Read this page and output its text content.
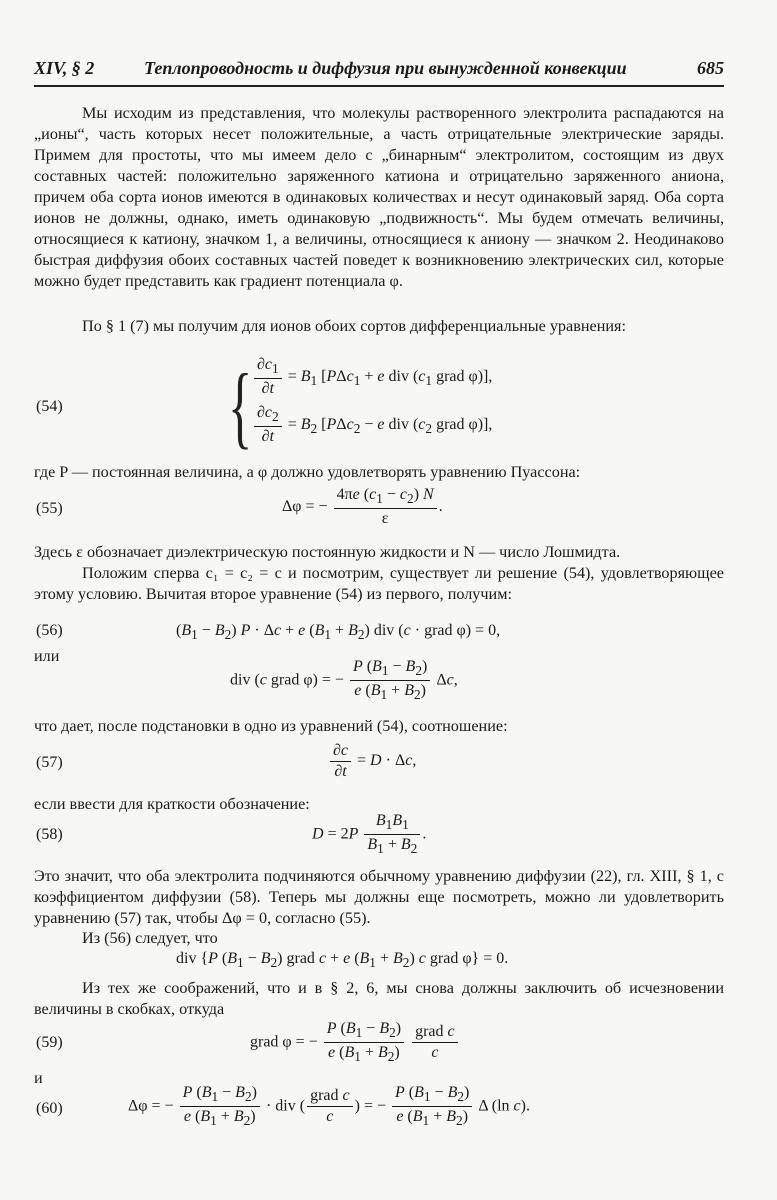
XIV, § 2	Теплопроводность и диффузия при вынужденной конвекции	685
Мы исходим из представления, что молекулы растворенного электролита распадаются на „ионы“, часть которых несет положительные, а часть отрицательные электрические заряды. Примем для простоты, что мы имеем дело с „бинарным“ электролитом, состоящим из двух составных частей: положительно заряженного катиона и отрицательно заряженного аниона, причем оба сорта ионов имеются в одинаковых количествах и несут одинаковый заряд. Оба сорта ионов не должны, однако, иметь одинаковую „подвижность“. Мы будем отмечать величины, относящиеся к катиону, значком 1, а величины, относящиеся к аниону — значком 2. Неодинаково быстрая диффузия обоих составных частей поведет к возникновению электрических сил, которые можно будет представить как градиент потенциала φ.
По § 1 (7) мы получим для ионов обоих сортов дифференциальные уравнения:
(54) { $\frac{\partial c_1}{\partial t} = B_1$ [PΔc$_1$ + e div ($c_1$ grad φ)],
$\frac{\partial c_2}{\partial t} = B_2$ [PΔc$_2$ − e div ($c_2$ grad φ)],
где P — постоянная величина, а φ должно удовлетворять уравнению Пуассона:
(55)	Δφ = − $\frac{4\pi e (c_1 - c_2) N}{\varepsilon}$ .
Здесь ε обозначает диэлектрическую постоянную жидкости и N — число Лошмидта.
Положим сперва c₁ = c₂ = c и посмотрим, существует ли решение (54), удовлетворяющее этому условию. Вычитая второе уравнение (54) из первого, получим:
(56)	$(B_1 - B_2) P \cdot \Delta c + e$ $(B_1 + B_2)$ div (c · grad φ) = 0,
или
div (c grad φ) = − $\frac{P (B_1 - B_2)}{e (B_1 + B_2)} \Delta c$,
что дает, после подстановки в одно из уравнений (54), соотношение:
(57)	$\frac{\partial c}{\partial t} = D \cdot \Delta c$,
если ввести для краткости обозначение:
(58)	$D = 2P \frac{B_1B_1}{B_1 + B_2}$ .
Это значит, что оба электролита подчиняются обычному уравнению диффузии (22), гл. XIII, § 1, с коэффициентом диффузии (58). Теперь мы должны еще посмотреть, можно ли удовлетворить уравнению (57) так, чтобы Δφ = 0, согласно (55).
Из (56) следует, что
div {P $(B_1 - B_2)$ grad c + e $(B_1 + B_2)$ c grad φ} = 0.
Из тех же соображений, что и в § 2, 6, мы снова должны заключить об исчезновении величины в скобках, откуда
(59)	grad φ = − $\frac{P (B_1 - B_2)}{e (B_1 + B_2)}$
$\frac{\text{grad c}}{c}$
и
(60)	Δφ = − $\frac{P (B_1 - B_2)}{e (B_1 + B_2)}$ · div ( $\frac{\text{grad c}}{c}$ ) = − $\frac{P (B_1 - B_2)}{e (B_1 + B_2)}$ Δ (ln c).
